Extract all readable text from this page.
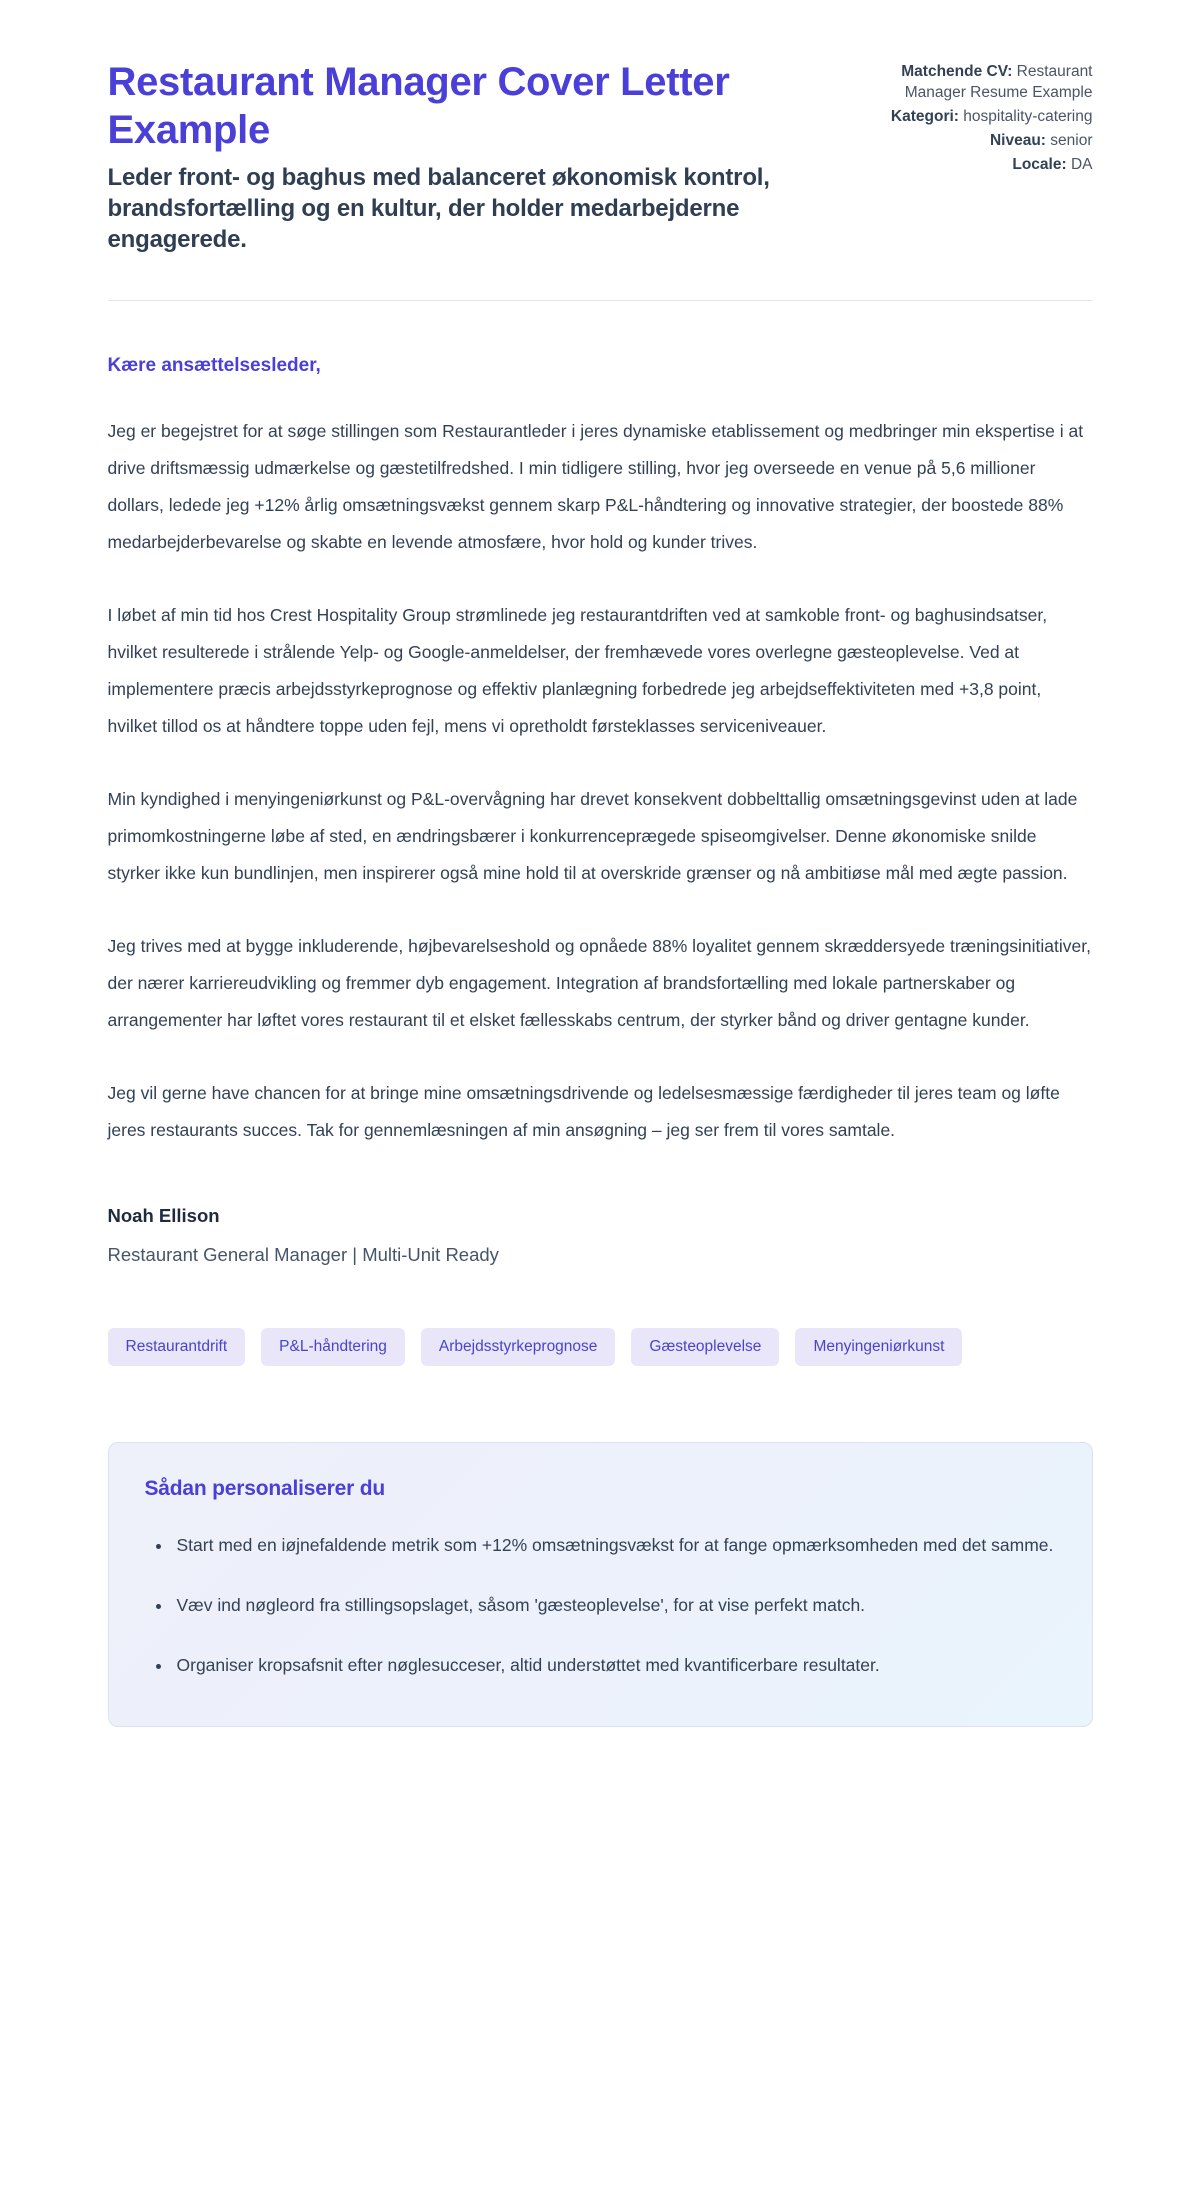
Restaurant Manager Cover Letter Example
Leder front- og baghus med balanceret økonomisk kontrol, brandsfortælling og en kultur, der holder medarbejderne engagerede.
Matchende CV: Restaurant Manager Resume Example
Kategori: hospitality-catering
Niveau: senior
Locale: DA
Kære ansættelsesleder,

Jeg er begejstret for at søge stillingen som Restaurantleder i jeres dynamiske etablissement og medbringer min ekspertise i at drive driftsmæssig udmærkelse og gæstetilfredshed. I min tidligere stilling, hvor jeg overseede en venue på 5,6 millioner dollars, ledede jeg +12% årlig omsætningsvækst gennem skarp P&L-håndtering og innovative strategier, der boostede 88% medarbejderbevarelse og skabte en levende atmosfære, hvor hold og kunder trives.

I løbet af min tid hos Crest Hospitality Group strømlinede jeg restaurantdriften ved at samkoble front- og baghusindsatser, hvilket resulterede i strålende Yelp- og Google-anmeldelser, der fremhævede vores overlegne gæsteoplevelse. Ved at implementere præcis arbejdsstyrkeprognose og effektiv planlægning forbedrede jeg arbejdseffektiviteten med +3,8 point, hvilket tillod os at håndtere toppe uden fejl, mens vi opretholdt førsteklasses serviceniveauer.

Min kyndighed i menyingeniørkunst og P&L-overvågning har drevet konsekvent dobbelttallig omsætningsgevinst uden at lade primomkostningerne løbe af sted, en ændringsbærer i konkurrenceprægede spiseomgivelser. Denne økonomiske snilde styrker ikke kun bundlinjen, men inspirerer også mine hold til at overskride grænser og nå ambitiøse mål med ægte passion.

Jeg trives med at bygge inkluderende, højbevarelseshold og opnåede 88% loyalitet gennem skræddersyede træningsinitiativer, der nærer karriereudvikling og fremmer dyb engagement. Integration af brandsfortælling med lokale partnerskaber og arrangementer har løftet vores restaurant til et elsket fællesskabs centrum, der styrker bånd og driver gentagne kunder.

Jeg vil gerne have chancen for at bringe mine omsætningsdrivende og ledelsesmæssige færdigheder til jeres team og løfte jeres restaurants succes. Tak for gennemlæsningen af min ansøgning – jeg ser frem til vores samtale.

Noah Ellison
Restaurant General Manager | Multi-Unit Ready
Restaurantdrift	P&L-håndtering	Arbejdsstyrkeprognose	Gæsteoplevelse	Menyingeniørkunst
Sådan personaliserer du
• Start med en iøjnefaldende metrik som +12% omsætningsvækst for at fange opmærksomheden med det samme.
• Væv ind nøgleord fra stillingsopslaget, såsom 'gæsteoplevelse', for at vise perfekt match.
• Organiser kropsafsnit efter nøglesucceser, altid understøttet med kvantificerbare resultater.
